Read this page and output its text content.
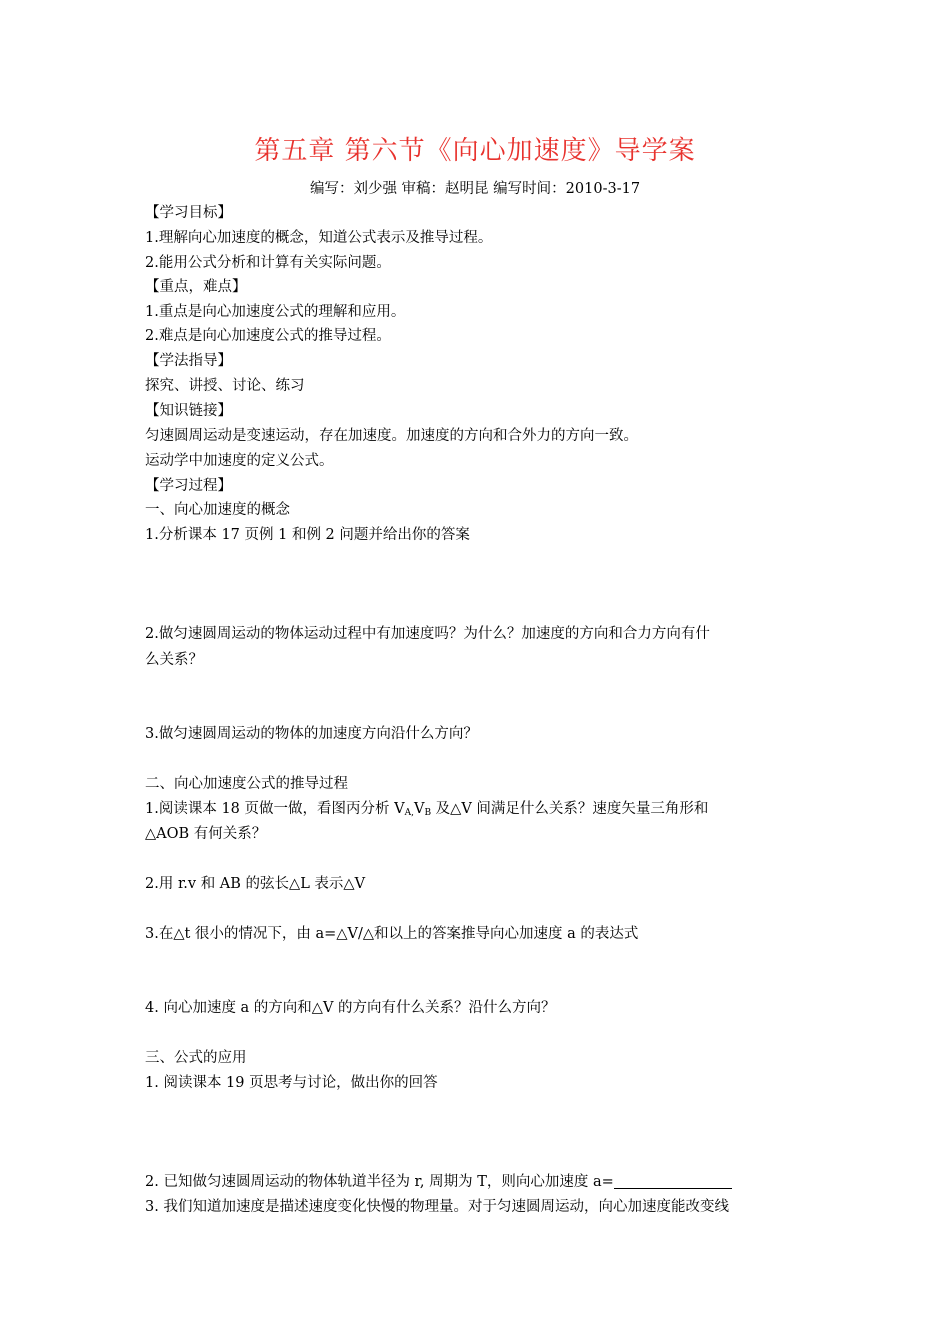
第五章 第六节《向心加速度》导学案
编写：刘少强 审稿：赵明昆 编写时间：2010-3-17
【学习目标】
1.理解向心加速度的概念，知道公式表示及推导过程。
2.能用公式分析和计算有关实际问题。
【重点，难点】
1.重点是向心加速度公式的理解和应用。
2.难点是向心加速度公式的推导过程。
【学法指导】
探究、讲授、讨论、练习
【知识链接】
匀速圆周运动是变速运动，存在加速度。加速度的方向和合外力的方向一致。
运动学中加速度的定义公式。
【学习过程】
一、向心加速度的概念
1.分析课本 17 页例 1 和例 2 问题并给出你的答案
2.做匀速圆周运动的物体运动过程中有加速度吗？为什么？加速度的方向和合力方向有什
么关系？
3.做匀速圆周运动的物体的加速度方向沿什么方向？
二、向心加速度公式的推导过程
1.阅读课本 18 页做一做，看图丙分析 $V_{A,}V_B$ 及△V 间满足什么关系？速度矢量三角形和
△AOB 有何关系？
2.用 r.v 和 AB 的弦长△L 表示△V
3.在△t 很小的情况下，由 a=△V/△和以上的答案推导向心加速度 a 的表达式
4. 向心加速度 a 的方向和△V 的方向有什么关系？沿什么方向？
三、公式的应用
1. 阅读课本 19 页思考与讨论，做出你的回答
2. 已知做匀速圆周运动的物体轨道半径为 r, 周期为 T，则向心加速度 a=
3. 我们知道加速度是描述速度变化快慢的物理量。对于匀速圆周运动，向心加速度能改变线
